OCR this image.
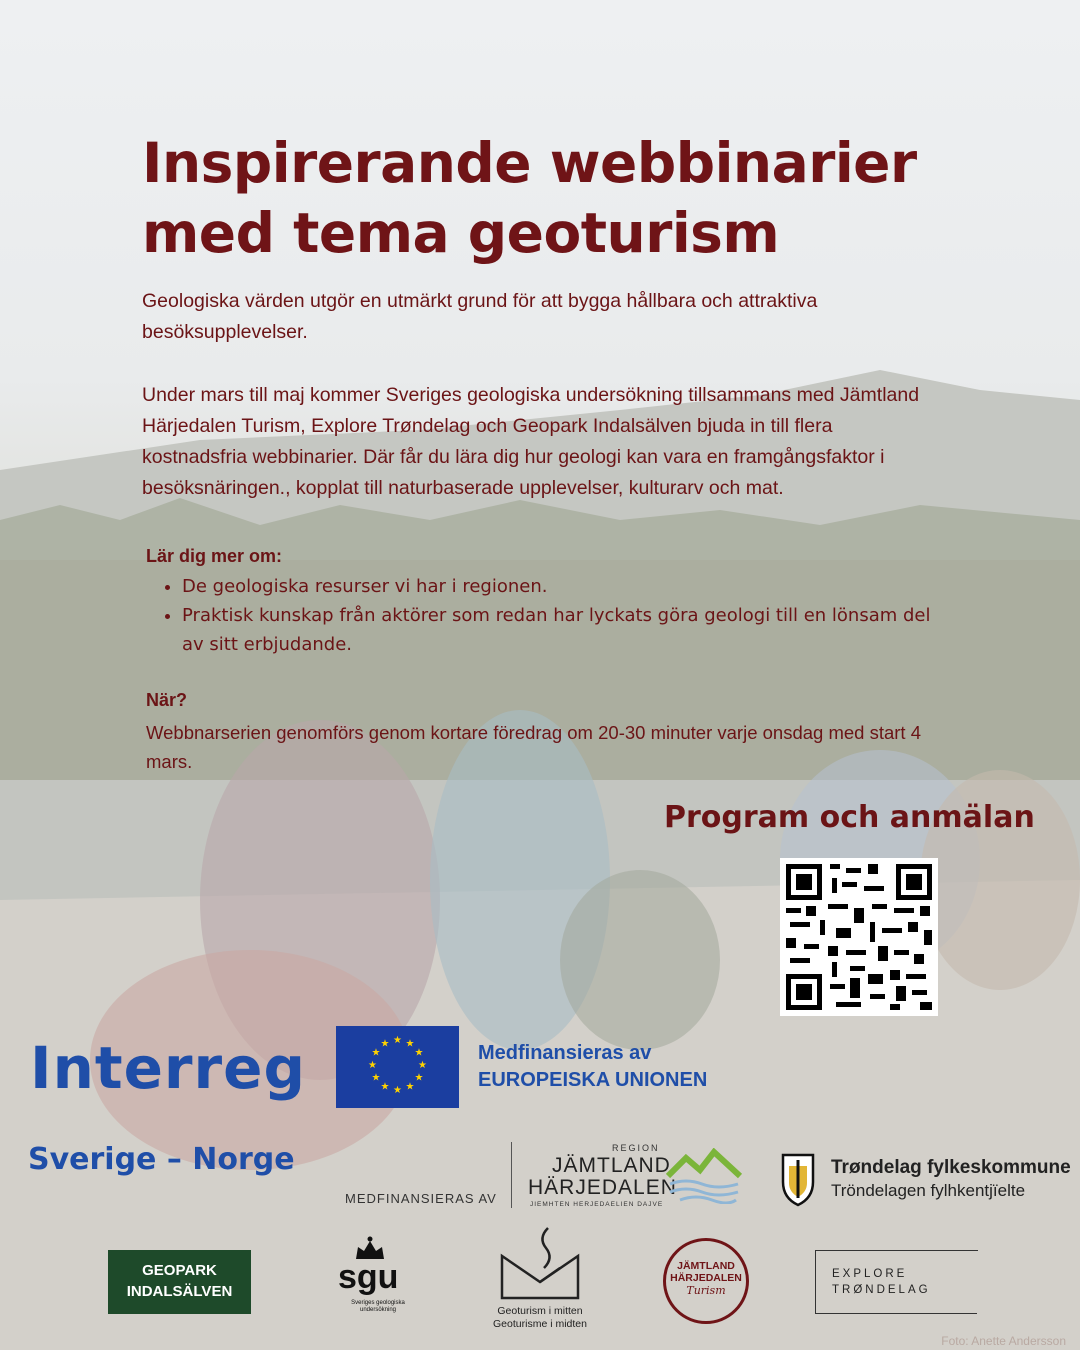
Inspirerande webbinarier
med tema geoturism

Geologiska värden utgör en utmärkt grund för att bygga hållbara och attraktiva besöksupplevelser.

Under mars till maj kommer Sveriges geologiska undersökning tillsammans med Jämtland Härjedalen Turism, Explore Trøndelag och Geopark Indalsälven bjuda in till flera kostnadsfria webbinarier. Där får du lära dig hur geologi kan vara en framgångsfaktor i besöksnäringen., kopplat till naturbaserade upplevelser, kulturarv och mat.

Lär dig mer om:

• De geologiska resurser vi har i regionen.
• Praktisk kunskap från aktörer som redan har lyckats göra geologi till en lönsam del av sitt erbjudande.

När?

Webbnarserien genomförs genom kortare föredrag om 20-30 minuter varje onsdag med start 4 mars.

Program och anmälan
Interreg	★ ★
★
★
★
★
★
★
★
★
★
★	Medfinansieras av
EUROPEISKA UNIONEN
Sverige – Norge
MEDFINANSIERAS AV
REGION
JÄMTLAND
HÄRJEDALEN
JIEMHTEN HERJEDAELIEN DAJVE
Trøndelag fylkeskommune
Tröndelagen fylhkentjïelte
GEOPARK
INDALSÄLVEN	sgu
Sveriges geologiska undersökning	Geoturism i mitten
Geoturisme i midten
JÄMTLAND
HÄRJEDALEN
Turism
EXPLORE
TRØNDELAG
Foto: Anette Andersson
